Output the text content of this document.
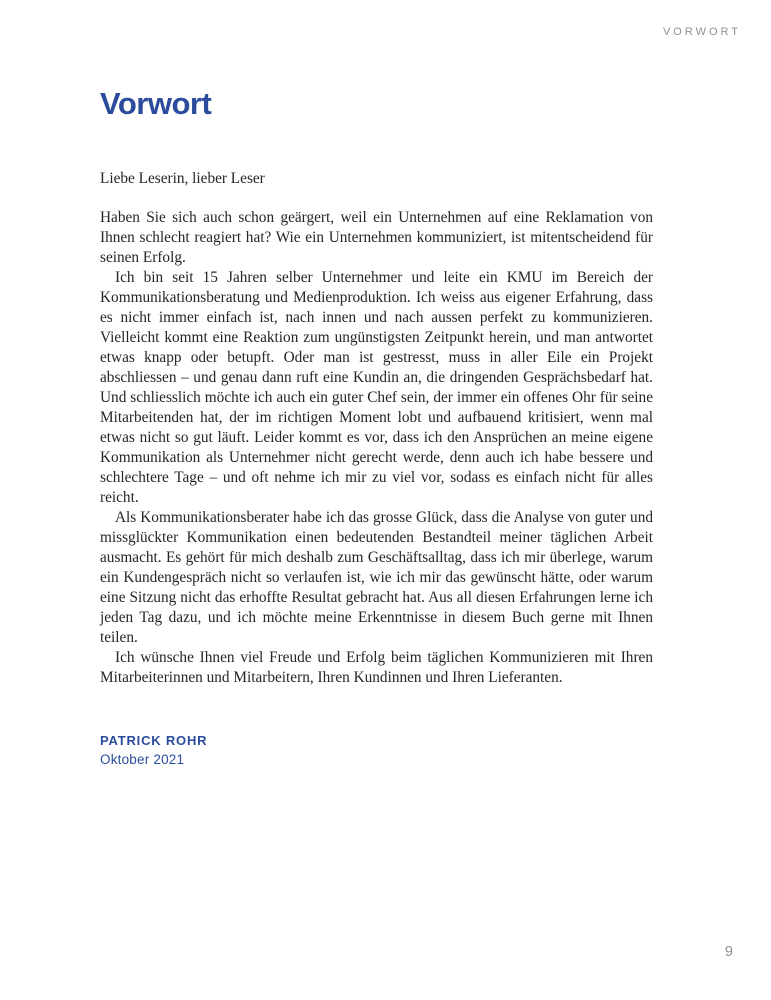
VORWORT
Vorwort

Liebe Leserin, lieber Leser

Haben Sie sich auch schon geärgert, weil ein Unternehmen auf eine Reklamation von Ihnen schlecht reagiert hat? Wie ein Unternehmen kommuniziert, ist mitentscheidend für seinen Erfolg.

Ich bin seit 15 Jahren selber Unternehmer und leite ein KMU im Bereich der Kommunikationsberatung und Medienproduktion. Ich weiss aus eigener Erfahrung, dass es nicht immer einfach ist, nach innen und nach aussen perfekt zu kommunizieren. Vielleicht kommt eine Reaktion zum ungünstigsten Zeitpunkt herein, und man antwortet etwas knapp oder betupft. Oder man ist gestresst, muss in aller Eile ein Projekt abschliessen – und genau dann ruft eine Kundin an, die dringenden Gesprächsbedarf hat. Und schliesslich möchte ich auch ein guter Chef sein, der immer ein offenes Ohr für seine Mitarbeitenden hat, der im richtigen Moment lobt und aufbauend kritisiert, wenn mal etwas nicht so gut läuft. Leider kommt es vor, dass ich den Ansprüchen an meine eigene Kommunikation als Unternehmer nicht gerecht werde, denn auch ich habe bessere und schlechtere Tage – und oft nehme ich mir zu viel vor, sodass es einfach nicht für alles reicht.

Als Kommunikationsberater habe ich das grosse Glück, dass die Analyse von guter und missglückter Kommunikation einen bedeutenden Bestandteil meiner täglichen Arbeit ausmacht. Es gehört für mich deshalb zum Geschäftsalltag, dass ich mir überlege, warum ein Kundengespräch nicht so verlaufen ist, wie ich mir das gewünscht hätte, oder warum eine Sitzung nicht das erhoffte Resultat gebracht hat. Aus all diesen Erfahrungen lerne ich jeden Tag dazu, und ich möchte meine Erkenntnisse in diesem Buch gerne mit Ihnen teilen.

Ich wünsche Ihnen viel Freude und Erfolg beim täglichen Kommunizieren mit Ihren Mitarbeiterinnen und Mitarbeitern, Ihren Kundinnen und Ihren Lieferanten.

PATRICK ROHR
Oktober 2021
9
